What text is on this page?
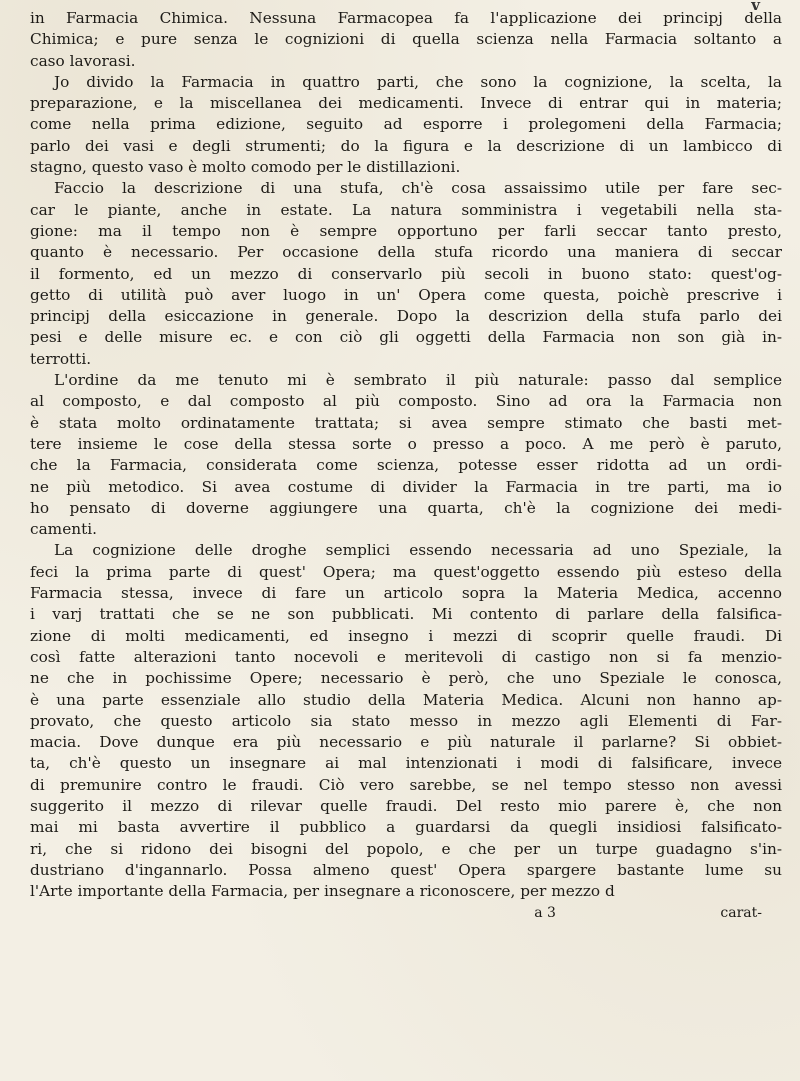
v
in Farmacia Chimica. Nessuna Farmacopea fa l'applicazione dei principj della
Chimica; e pure senza le cognizioni di quella scienza nella Farmacia soltanto a
caso lavorasi.
Jo divido la Farmacia in quattro parti, che sono la cognizione, la scelta, la
preparazione, e la miscellanea dei medicamenti. Invece di entrar qui in materia;
come nella prima edizione, seguito ad esporre i prolegomeni della Farmacia;
parlo dei vasi e degli strumenti; do la figura e la descrizione di un lambicco di
stagno, questo vaso è molto comodo per le distillazioni.
Faccio la descrizione di una stufa, ch'è cosa assaissimo utile per fare sec-
car le piante, anche in estate. La natura somministra i vegetabili nella sta-
gione: ma il tempo non è sempre opportuno per farli seccar tanto presto,
quanto è necessario. Per occasione della stufa ricordo una maniera di seccar
il formento, ed un mezzo di conservarlo più secoli in buono stato: quest'og-
getto di utilità può aver luogo in un' Opera come questa, poichè prescrive i
principj della esiccazione in generale. Dopo la descrizion della stufa parlo dei
pesi e delle misure ec. e con ciò gli oggetti della Farmacia non son già in-
terrotti.
L'ordine da me tenuto mi è sembrato il più naturale: passo dal semplice
al composto, e dal composto al più composto. Sino ad ora la Farmacia non
è stata molto ordinatamente trattata; si avea sempre stimato che basti met-
tere insieme le cose della stessa sorte o presso a poco. A me però è paruto,
che la Farmacia, considerata come scienza, potesse esser ridotta ad un ordi-
ne più metodico. Si avea costume di divider la Farmacia in tre parti, ma io
ho pensato di doverne aggiungere una quarta, ch'è la cognizione dei medi-
camenti.
La cognizione delle droghe semplici essendo necessaria ad uno Speziale, la
feci la prima parte di quest' Opera; ma quest'oggetto essendo più esteso della
Farmacia stessa, invece di fare un articolo sopra la Materia Medica, accenno
i varj trattati che se ne son pubblicati. Mi contento di parlare della falsifica-
zione di molti medicamenti, ed insegno i mezzi di scoprir quelle fraudi. Di
così fatte alterazioni tanto nocevoli e meritevoli di castigo non si fa menzio-
ne che in pochissime Opere; necessario è però, che uno Speziale le conosca,
è una parte essenziale allo studio della Materia Medica. Alcuni non hanno ap-
provato, che questo articolo sia stato messo in mezzo agli Elementi di Far-
macia. Dove dunque era più necessario e più naturale il parlarne? Si obbiet-
ta, ch'è questo un insegnare ai mal intenzionati i modi di falsificare, invece
di premunire contro le fraudi. Ciò vero sarebbe, se nel tempo stesso non avessi
suggerito il mezzo di rilevar quelle fraudi. Del resto mio parere è, che non
mai mi basta avvertire il pubblico a guardarsi da quegli insidiosi falsificato-
ri, che si ridono dei bisogni del popolo, e che per un turpe guadagno s'in-
dustriano d'ingannarlo. Possa almeno quest' Opera spargere bastante lume su
l'Arte importante della Farmacia, per insegnare a riconoscere, per mezzo d
a 3	carat-
